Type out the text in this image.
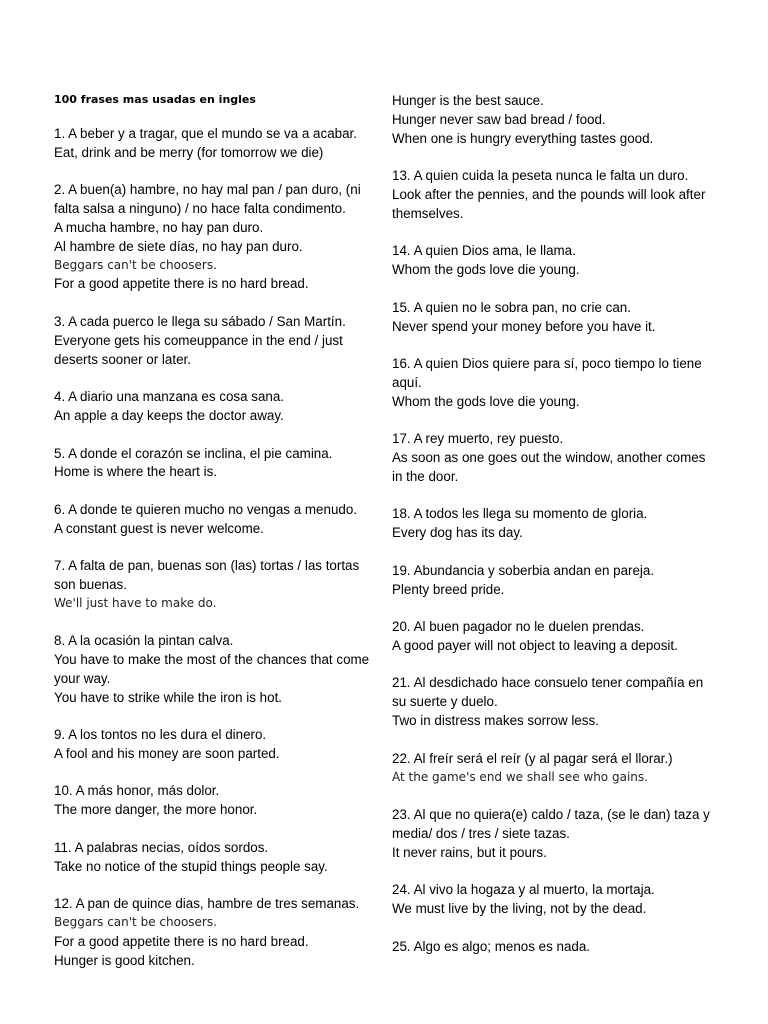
100 frases mas usadas en ingles
1. A beber y a tragar, que el mundo se va a acabar.
Eat, drink and be merry (for tomorrow we die)
2. A buen(a) hambre, no hay mal pan / pan duro, (ni
falta salsa a ninguno) / no hace falta condimento.
A mucha hambre, no hay pan duro.
Al hambre de siete días, no hay pan duro.
Beggars can't be choosers.
For a good appetite there is no hard bread.
3. A cada puerco le llega su sábado / San Martín.
Everyone gets his comeuppance in the end / just
deserts sooner or later.
4. A diario una manzana es cosa sana.
An apple a day keeps the doctor away.
5. A donde el corazón se inclina, el pie camina.
Home is where the heart is.
6. A donde te quieren mucho no vengas a menudo.
A constant guest is never welcome.
7. A falta de pan, buenas son (las) tortas / las tortas
son buenas.
We'll just have to make do.
8. A la ocasión la pintan calva.
You have to make the most of the chances that come
your way.
You have to strike while the iron is hot.
9. A los tontos no les dura el dinero.
A fool and his money are soon parted.
10. A más honor, más dolor.
The more danger, the more honor.
11. A palabras necias, oídos sordos.
Take no notice of the stupid things people say.
12. A pan de quince dias, hambre de tres semanas.
Beggars can't be choosers.
For a good appetite there is no hard bread.
Hunger is good kitchen.
Hunger is the best sauce.
Hunger never saw bad bread / food.
When one is hungry everything tastes good.
13. A quien cuida la peseta nunca le falta un duro.
Look after the pennies, and the pounds will look after
themselves.
14. A quien Dios ama, le llama.
Whom the gods love die young.
15. A quien no le sobra pan, no crie can.
Never spend your money before you have it.
16. A quien Dios quiere para sí, poco tiempo lo tiene
aquí.
Whom the gods love die young.
17. A rey muerto, rey puesto.
As soon as one goes out the window, another comes
in the door.
18. A todos les llega su momento de gloria.
Every dog has its day.
19. Abundancia y soberbia andan en pareja.
Plenty breed pride.
20. Al buen pagador no le duelen prendas.
A good payer will not object to leaving a deposit.
21. Al desdichado hace consuelo tener compañía en
su suerte y duelo.
Two in distress makes sorrow less.
22. Al freír será el reír (y al pagar será el llorar.)
At the game's end we shall see who gains.
23. Al que no quiera(e) caldo / taza, (se le dan) taza y
media/ dos / tres / siete tazas.
It never rains, but it pours.
24. Al vivo la hogaza y al muerto, la mortaja.
We must live by the living, not by the dead.
25. Algo es algo; menos es nada.
